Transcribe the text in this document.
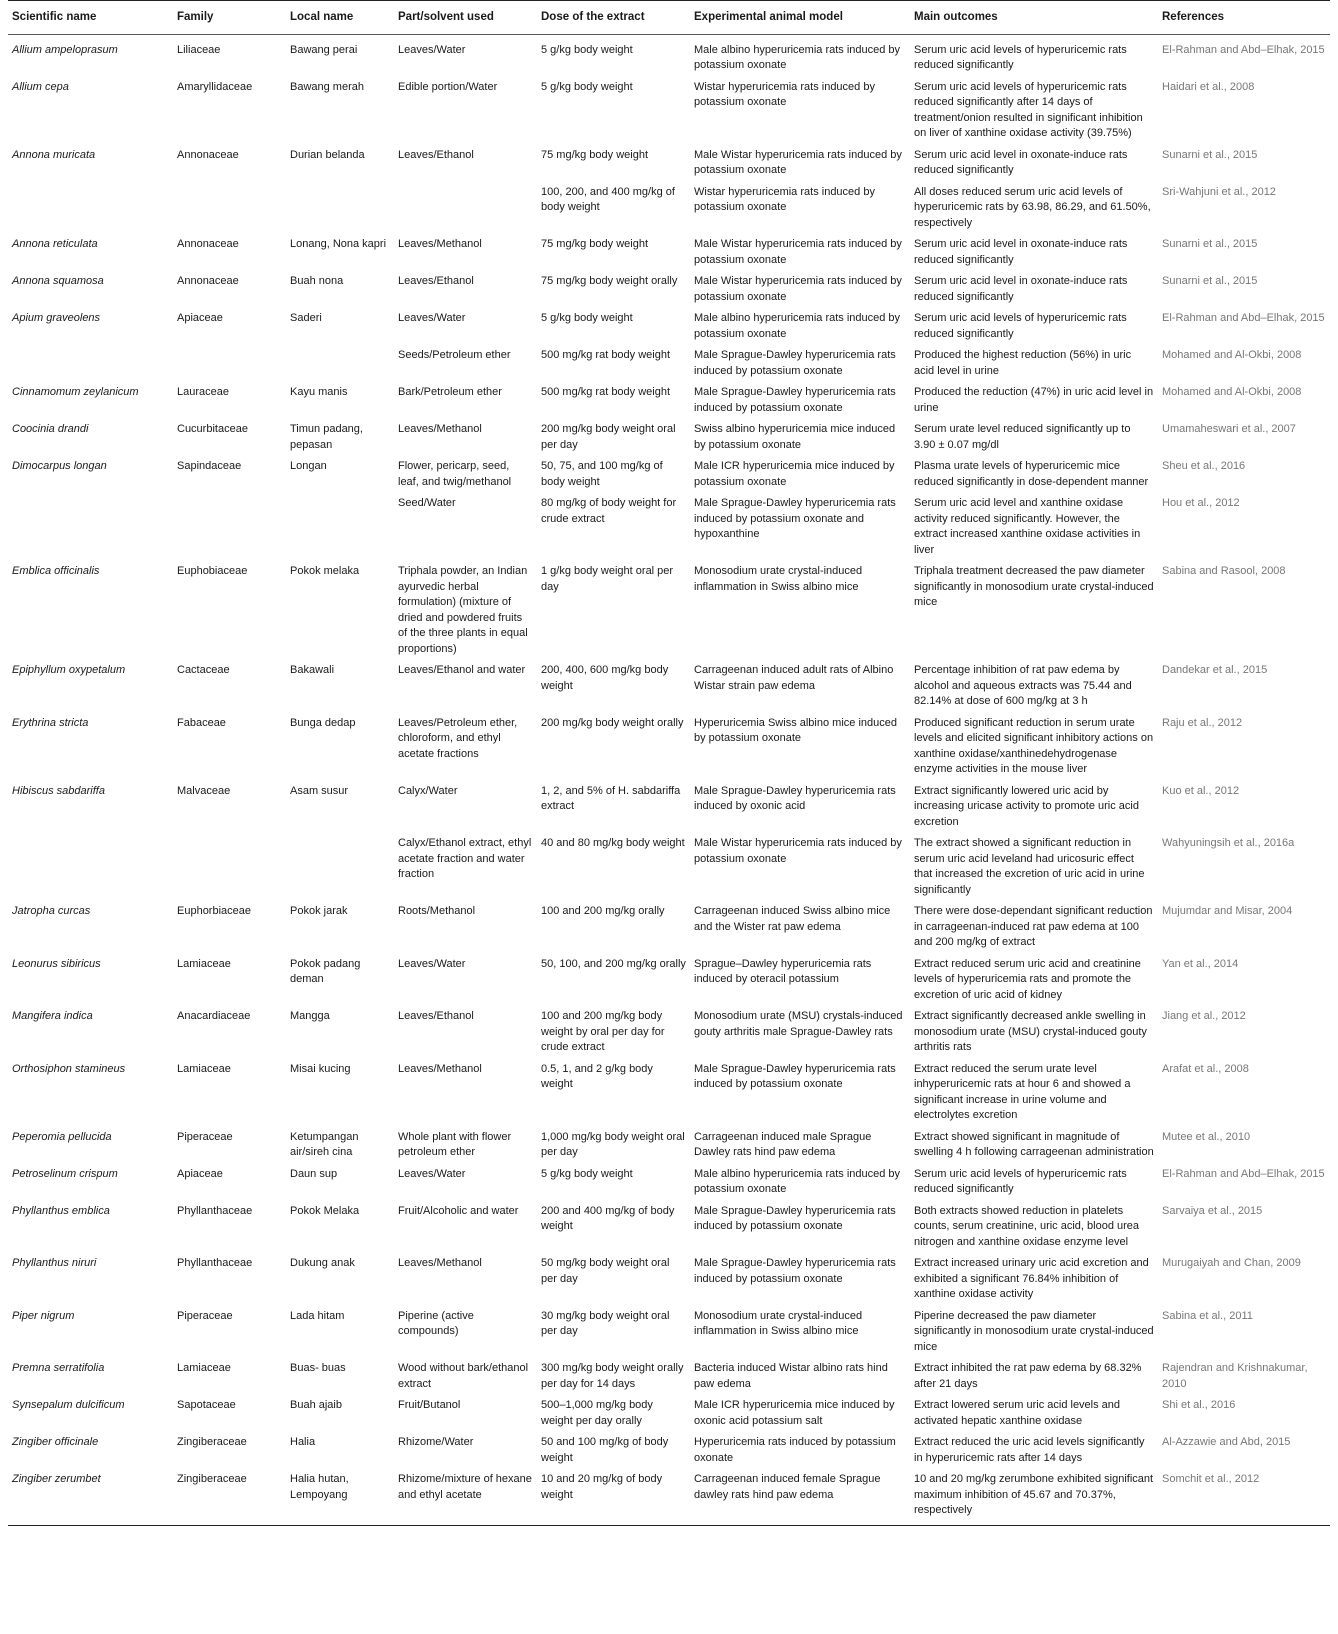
Scientific name	Family	Local name	Part/solvent used	Dose of the extract	Experimental animal model	Main outcomes	References
Allium ampeloprasum	Liliaceae	Bawang perai	Leaves/Water	5 g/kg body weight	Male albino hyperuricemia rats induced by potassium oxonate	Serum uric acid levels of hyperuricemic rats reduced significantly	El-Rahman and Abd–Elhak, 2015
Allium cepa	Amaryllidaceae	Bawang merah	Edible portion/Water	5 g/kg body weight	Wistar hyperuricemia rats induced by potassium oxonate	Serum uric acid levels of hyperuricemic rats reduced significantly after 14 days of treatment/onion resulted in significant inhibition on liver of xanthine oxidase activity (39.75%)	Haidari et al., 2008
Annona muricata	Annonaceae	Durian belanda	Leaves/Ethanol	75 mg/kg body weight	Male Wistar hyperuricemia rats induced by potassium oxonate	Serum uric acid level in oxonate-induce rats reduced significantly	Sunarni et al., 2015
				100, 200, and 400 mg/kg of body weight	Wistar hyperuricemia rats induced by potassium oxonate	All doses reduced serum uric acid levels of hyperuricemic rats by 63.98, 86.29, and 61.50%, respectively	Sri-Wahjuni et al., 2012
Annona reticulata	Annonaceae	Lonang, Nona kapri	Leaves/Methanol	75 mg/kg body weight	Male Wistar hyperuricemia rats induced by potassium oxonate	Serum uric acid level in oxonate-induce rats reduced significantly	Sunarni et al., 2015
Annona squamosa	Annonaceae	Buah nona	Leaves/Ethanol	75 mg/kg body weight orally	Male Wistar hyperuricemia rats induced by potassium oxonate	Serum uric acid level in oxonate-induce rats reduced significantly	Sunarni et al., 2015
Apium graveolens	Apiaceae	Saderi	Leaves/Water	5 g/kg body weight	Male albino hyperuricemia rats induced by potassium oxonate	Serum uric acid levels of hyperuricemic rats reduced significantly	El-Rahman and Abd–Elhak, 2015
			Seeds/Petroleum ether	500 mg/kg rat body weight	Male Sprague-Dawley hyperuricemia rats induced by potassium oxonate	Produced the highest reduction (56%) in uric acid level in urine	Mohamed and Al-Okbi, 2008
Cinnamomum zeylanicum	Lauraceae	Kayu manis	Bark/Petroleum ether	500 mg/kg rat body weight	Male Sprague-Dawley hyperuricemia rats induced by potassium oxonate	Produced the reduction (47%) in uric acid level in urine	Mohamed and Al-Okbi, 2008
Coocinia drandi	Cucurbitaceae	Timun padang, pepasan	Leaves/Methanol	200 mg/kg body weight oral per day	Swiss albino hyperuricemia mice induced by potassium oxonate	Serum urate level reduced significantly up to 3.90 ± 0.07 mg/dl	Umamaheswari et al., 2007
Dimocarpus longan	Sapindaceae	Longan	Flower, pericarp, seed, leaf, and twig/methanol	50, 75, and 100 mg/kg of body weight	Male ICR hyperuricemia mice induced by potassium oxonate	Plasma urate levels of hyperuricemic mice reduced significantly in dose-dependent manner	Sheu et al., 2016
			Seed/Water	80 mg/kg of body weight for crude extract	Male Sprague-Dawley hyperuricemia rats induced by potassium oxonate and hypoxanthine	Serum uric acid level and xanthine oxidase activity reduced significantly. However, the extract increased xanthine oxidase activities in liver	Hou et al., 2012
Emblica officinalis	Euphobiaceae	Pokok melaka	Triphala powder, an Indian ayurvedic herbal formulation) (mixture of dried and powdered fruits of the three plants in equal proportions)	1 g/kg body weight oral per day	Monosodium urate crystal-induced inflammation in Swiss albino mice	Triphala treatment decreased the paw diameter significantly in monosodium urate crystal-induced mice	Sabina and Rasool, 2008
Epiphyllum oxypetalum	Cactaceae	Bakawali	Leaves/Ethanol and water	200, 400, 600 mg/kg body weight	Carrageenan induced adult rats of Albino Wistar strain paw edema	Percentage inhibition of rat paw edema by alcohol and aqueous extracts was 75.44 and 82.14% at dose of 600 mg/kg at 3 h	Dandekar et al., 2015
Erythrina stricta	Fabaceae	Bunga dedap	Leaves/Petroleum ether, chloroform, and ethyl acetate fractions	200 mg/kg body weight orally	Hyperuricemia Swiss albino mice induced by potassium oxonate	Produced significant reduction in serum urate levels and elicited significant inhibitory actions on xanthine oxidase/xanthinedehydrogenase enzyme activities in the mouse liver	Raju et al., 2012
Hibiscus sabdariffa	Malvaceae	Asam susur	Calyx/Water	1, 2, and 5% of H. sabdariffa extract	Male Sprague-Dawley hyperuricemia rats induced by oxonic acid	Extract significantly lowered uric acid by increasing uricase activity to promote uric acid excretion	Kuo et al., 2012
			Calyx/Ethanol extract, ethyl acetate fraction and water fraction	40 and 80 mg/kg body weight	Male Wistar hyperuricemia rats induced by potassium oxonate	The extract showed a significant reduction in serum uric acid leveland had uricosuric effect that increased the excretion of uric acid in urine significantly	Wahyuningsih et al., 2016a
Jatropha curcas	Euphorbiaceae	Pokok jarak	Roots/Methanol	100 and 200 mg/kg orally	Carrageenan induced Swiss albino mice and the Wister rat paw edema	There were dose-dependant significant reduction in carrageenan-induced rat paw edema at 100 and 200 mg/kg of extract	Mujumdar and Misar, 2004
Leonurus sibiricus	Lamiaceae	Pokok padang deman	Leaves/Water	50, 100, and 200 mg/kg orally	Sprague–Dawley hyperuricemia rats induced by oteracil potassium	Extract reduced serum uric acid and creatinine levels of hyperuricemia rats and promote the excretion of uric acid of kidney	Yan et al., 2014
Mangifera indica	Anacardiaceae	Mangga	Leaves/Ethanol	100 and 200 mg/kg body weight by oral per day for crude extract	Monosodium urate (MSU) crystals-induced gouty arthritis male Sprague-Dawley rats	Extract significantly decreased ankle swelling in monosodium urate (MSU) crystal-induced gouty arthritis rats	Jiang et al., 2012
Orthosiphon stamineus	Lamiaceae	Misai kucing	Leaves/Methanol	0.5, 1, and 2 g/kg body weight	Male Sprague-Dawley hyperuricemia rats induced by potassium oxonate	Extract reduced the serum urate level inhyperuricemic rats at hour 6 and showed a significant increase in urine volume and electrolytes excretion	Arafat et al., 2008
Peperomia pellucida	Piperaceae	Ketumpangan air/sireh cina	Whole plant with flower petroleum ether	1,000 mg/kg body weight oral per day	Carrageenan induced male Sprague Dawley rats hind paw edema	Extract showed significant in magnitude of swelling 4 h following carrageenan administration	Mutee et al., 2010
Petroselinum crispum	Apiaceae	Daun sup	Leaves/Water	5 g/kg body weight	Male albino hyperuricemia rats induced by potassium oxonate	Serum uric acid levels of hyperuricemic rats reduced significantly	El-Rahman and Abd–Elhak, 2015
Phyllanthus emblica	Phyllanthaceae	Pokok Melaka	Fruit/Alcoholic and water	200 and 400 mg/kg of body weight	Male Sprague-Dawley hyperuricemia rats induced by potassium oxonate	Both extracts showed reduction in platelets counts, serum creatinine, uric acid, blood urea nitrogen and xanthine oxidase enzyme level	Sarvaiya et al., 2015
Phyllanthus niruri	Phyllanthaceae	Dukung anak	Leaves/Methanol	50 mg/kg body weight oral per day	Male Sprague-Dawley hyperuricemia rats induced by potassium oxonate	Extract increased urinary uric acid excretion and exhibited a significant 76.84% inhibition of xanthine oxidase activity	Murugaiyah and Chan, 2009
Piper nigrum	Piperaceae	Lada hitam	Piperine (active compounds)	30 mg/kg body weight oral per day	Monosodium urate crystal-induced inflammation in Swiss albino mice	Piperine decreased the paw diameter significantly in monosodium urate crystal-induced mice	Sabina et al., 2011
Premna serratifolia	Lamiaceae	Buas- buas	Wood without bark/ethanol extract	300 mg/kg body weight orally per day for 14 days	Bacteria induced Wistar albino rats hind paw edema	Extract inhibited the rat paw edema by 68.32% after 21 days	Rajendran and Krishnakumar, 2010
Synsepalum dulcificum	Sapotaceae	Buah ajaib	Fruit/Butanol	500–1,000 mg/kg body weight per day orally	Male ICR hyperuricemia mice induced by oxonic acid potassium salt	Extract lowered serum uric acid levels and activated hepatic xanthine oxidase	Shi et al., 2016
Zingiber officinale	Zingiberaceae	Halia	Rhizome/Water	50 and 100 mg/kg of body weight	Hyperuricemia rats induced by potassium oxonate	Extract reduced the uric acid levels significantly in hyperuricemic rats after 14 days	Al-Azzawie and Abd, 2015
Zingiber zerumbet	Zingiberaceae	Halia hutan, Lempoyang	Rhizome/mixture of hexane and ethyl acetate	10 and 20 mg/kg of body weight	Carrageenan induced female Sprague dawley rats hind paw edema	10 and 20 mg/kg zerumbone exhibited significant maximum inhibition of 45.67 and 70.37%, respectively	Somchit et al., 2012
